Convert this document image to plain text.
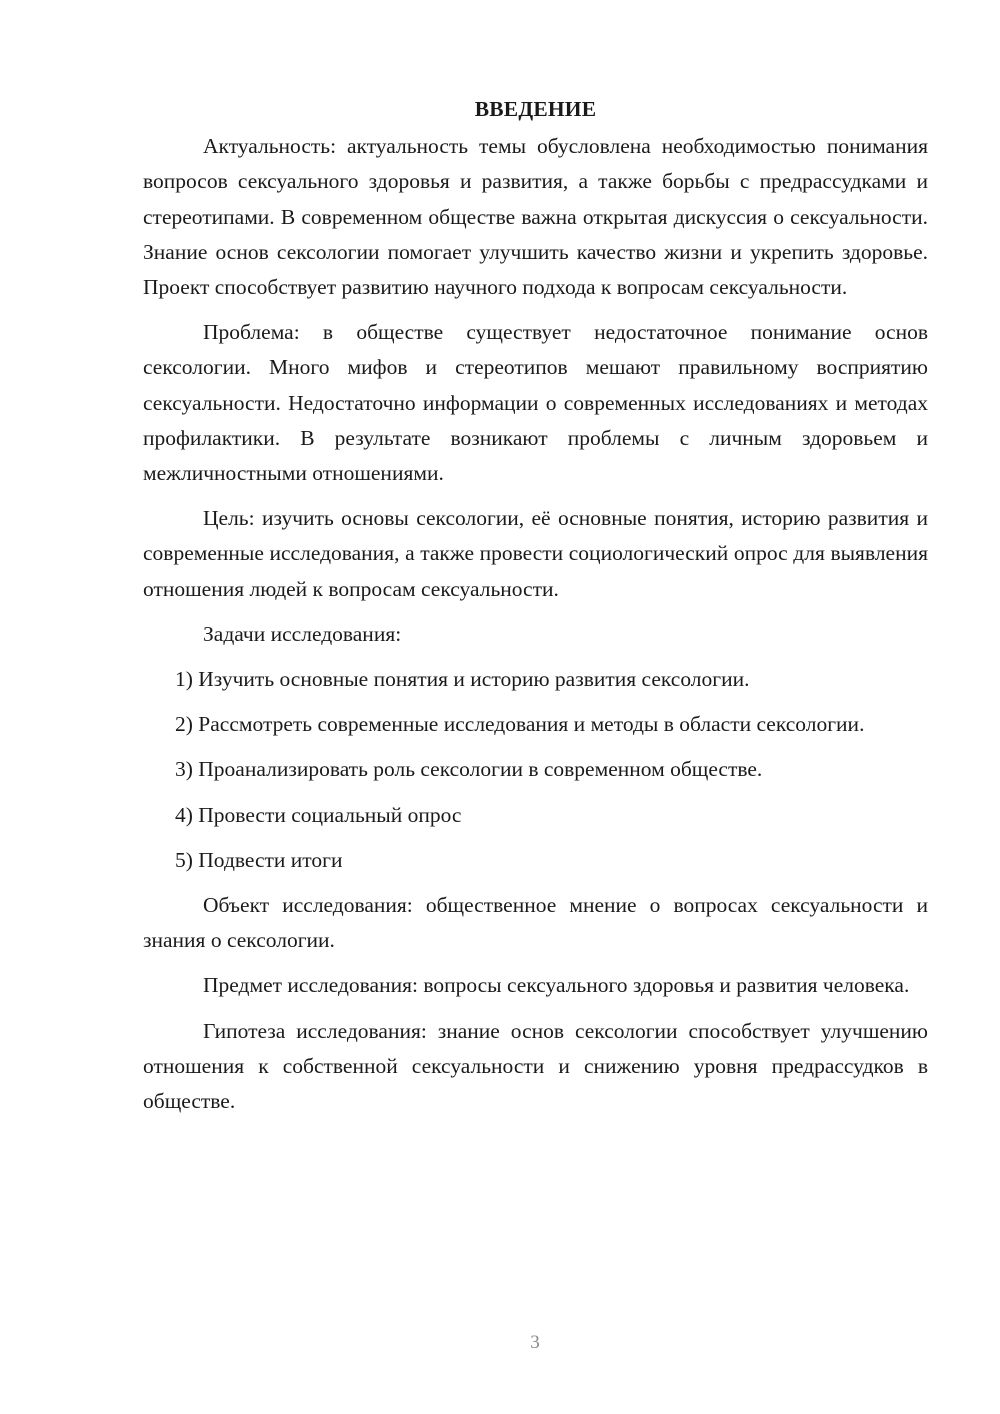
ВВЕДЕНИЕ

Актуальность: актуальность темы обусловлена необходимостью понимания вопросов сексуального здоровья и развития, а также борьбы с предрассудками и стереотипами. В современном обществе важна открытая дискуссия о сексуальности. Знание основ сексологии помогает улучшить качество жизни и укрепить здоровье. Проект способствует развитию научного подхода к вопросам сексуальности.

Проблема: в обществе существует недостаточное понимание основ сексологии. Много мифов и стереотипов мешают правильному восприятию сексуальности. Недостаточно информации о современных исследованиях и методах профилактики. В результате возникают проблемы с личным здоровьем и межличностными отношениями.

Цель: изучить основы сексологии, её основные понятия, историю развития и современные исследования, а также провести социологический опрос для выявления отношения людей к вопросам сексуальности.

Задачи исследования:

1) Изучить основные понятия и историю развития сексологии.

2) Рассмотреть современные исследования и методы в области сексологии.

3) Проанализировать роль сексологии в современном обществе.

4) Провести социальный опрос

5) Подвести итоги

Объект исследования: общественное мнение о вопросах сексуальности и знания о сексологии.

Предмет исследования: вопросы сексуального здоровья и развития человека.

Гипотеза исследования: знание основ сексологии способствует улучшению отношения к собственной сексуальности и снижению уровня предрассудков в обществе.

3
